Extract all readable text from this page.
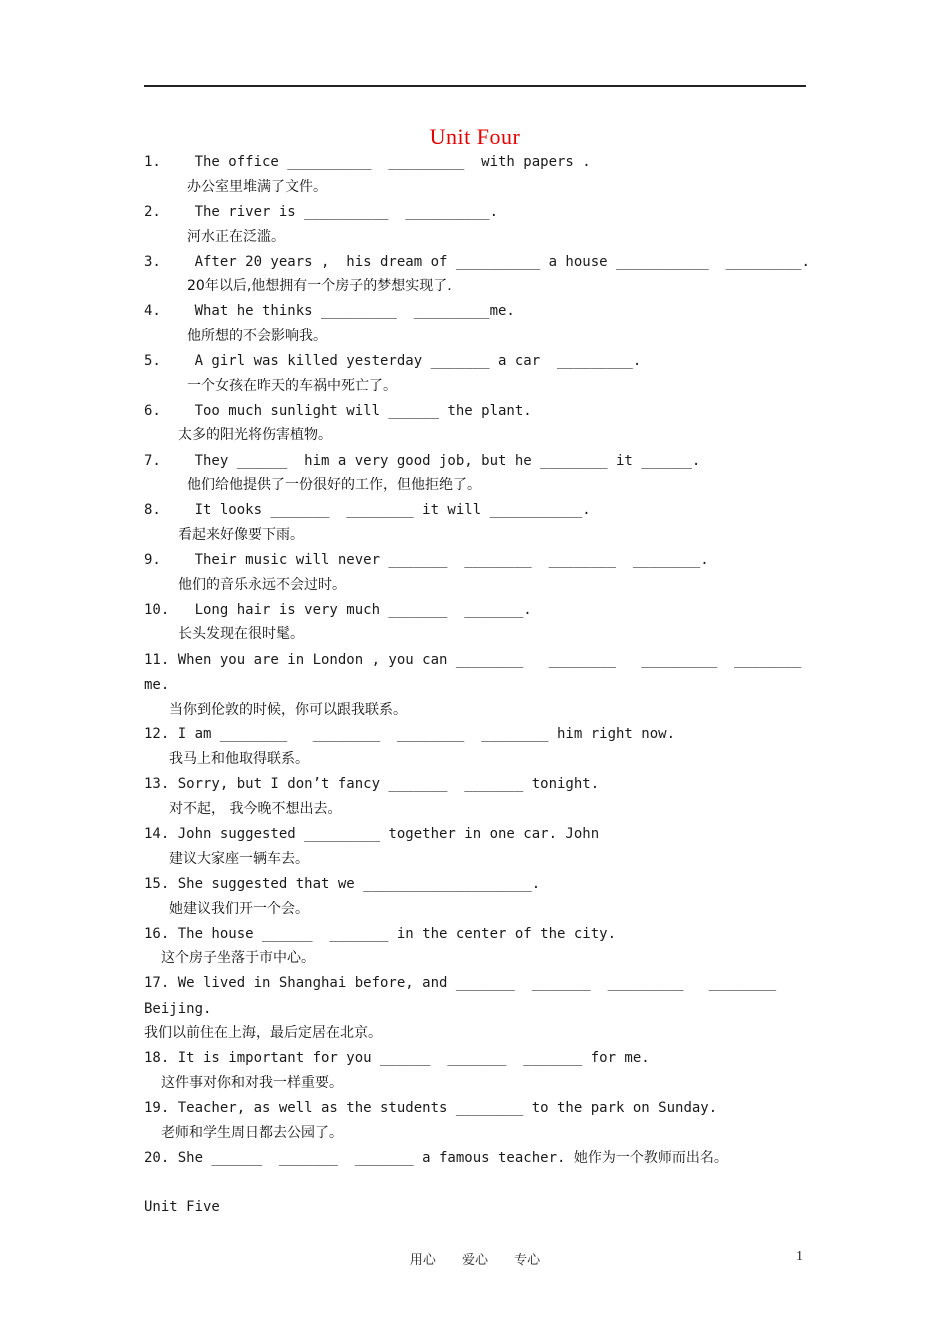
Unit Four
1.    The office __________  _________  with papers .
办公室里堆满了文件。
2.    The river is __________  __________.
河水正在泛滥。
3.    After 20 years ,  his dream of __________ a house ___________  _________.
20年以后,他想拥有一个房子的梦想实现了.
4.    What he thinks _________  _________me.
他所想的不会影响我。
5.    A girl was killed yesterday _______ a car  _________.
一个女孩在昨天的车祸中死亡了。
6.    Too much sunlight will ______ the plant.
太多的阳光将伤害植物。
7.    They ______  him a very good job, but he ________ it ______.
他们给他提供了一份很好的工作，但他拒绝了。
8.    It looks _______  ________ it will ___________.
看起来好像要下雨。
9.    Their music will never _______  ________  ________  ________.
他们的音乐永远不会过时。
10.   Long hair is very much _______  _______.
长头发现在很时髦。
11. When you are in London , you can ________   ________   _________  ________
me.
当你到伦敦的时候，你可以跟我联系。
12. I am ________   ________  ________  ________ him right now.
我马上和他取得联系。
13. Sorry, but I don’t fancy _______  _______ tonight.
对不起， 我今晚不想出去。
14. John suggested _________ together in one car. John
建议大家座一辆车去。
15. She suggested that we ____________________.
她建议我们开一个会。
16. The house ______  _______ in the center of the city.
这个房子坐落于市中心。
17. We lived in Shanghai before, and _______  _______  _________   ________
Beijing.
我们以前住在上海，最后定居在北京。
18. It is important for you ______  _______  _______ for me.
这件事对你和对我一样重要。
19. Teacher, as well as the students ________ to the park on Sunday.
老师和学生周日都去公园了。
20. She ______  _______  _______ a famous teacher. 她作为一个教师而出名。
Unit Five
用心 爱心 专心	1
